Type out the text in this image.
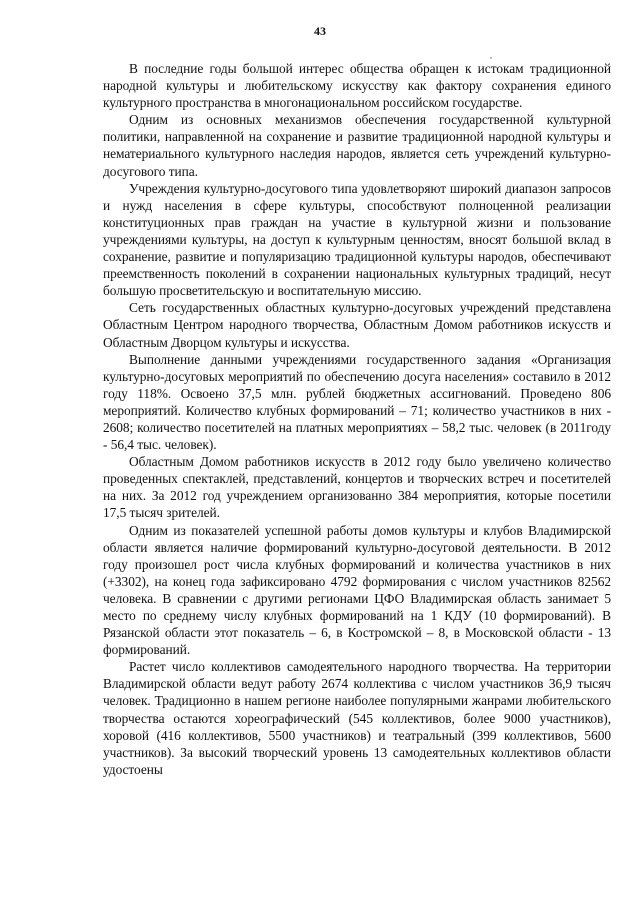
43
,

В последние годы большой интерес общества обращен к истокам традиционной народной культуры и любительскому искусству как фактору сохранения единого культурного пространства в многонациональном российском государстве.

Одним из основных механизмов обеспечения государственной культурной политики, направленной на сохранение и развитие традиционной народной культуры и нематериального культурного наследия народов, является сеть учреждений культурно-досугового типа.

Учреждения культурно-досугового типа удовлетворяют широкий диапазон запросов и нужд населения в сфере культуры, способствуют полноценной реализации конституционных прав граждан на участие в культурной жизни и пользование учреждениями культуры, на доступ к культурным ценностям, вносят большой вклад в сохранение, развитие и популяризацию традиционной культуры народов, обеспечивают преемственность поколений в сохранении национальных культурных традиций, несут большую просветительскую и воспитательную миссию.

Сеть государственных областных культурно-досуговых учреждений представлена Областным Центром народного творчества, Областным Домом работников искусств и Областным Дворцом культуры и искусства.

Выполнение данными учреждениями государственного задания «Организация культурно-досуговых мероприятий по обеспечению досуга населения» составило в 2012 году 118%. Освоено 37,5 млн. рублей бюджетных ассигнований. Проведено 806 мероприятий. Количество клубных формирований – 71; количество участников в них - 2608; количество посетителей на платных мероприятиях – 58,2 тыс. человек (в 2011году - 56,4 тыс. человек).

Областным Домом работников искусств в 2012 году было увеличено количество проведенных спектаклей, представлений, концертов и творческих встреч и посетителей на них. За 2012 год учреждением организованно 384 мероприятия, которые посетили 17,5 тысяч зрителей.

Одним из показателей успешной работы домов культуры и клубов Владимирской области является наличие формирований культурно-досуговой деятельности. В 2012 году произошел рост числа клубных формирований и количества участников в них (+3302), на конец года зафиксировано 4792 формирования с числом участников 82562 человека. В сравнении с другими регионами ЦФО Владимирская область занимает 5 место по среднему числу клубных формирований на 1 КДУ (10 формирований). В Рязанской области этот показатель – 6, в Костромской – 8, в Московской области - 13 формирований.

Растет число коллективов самодеятельного народного творчества. На территории Владимирской области ведут работу 2674 коллектива с числом участников 36,9 тысяч человек. Традиционно в нашем регионе наиболее популярными жанрами любительского творчества остаются хореографический (545 коллективов, более 9000 участников), хоровой (416 коллективов, 5500 участников) и театральный (399 коллективов, 5600 участников). За высокий творческий уровень 13 самодеятельных коллективов области удостоены
